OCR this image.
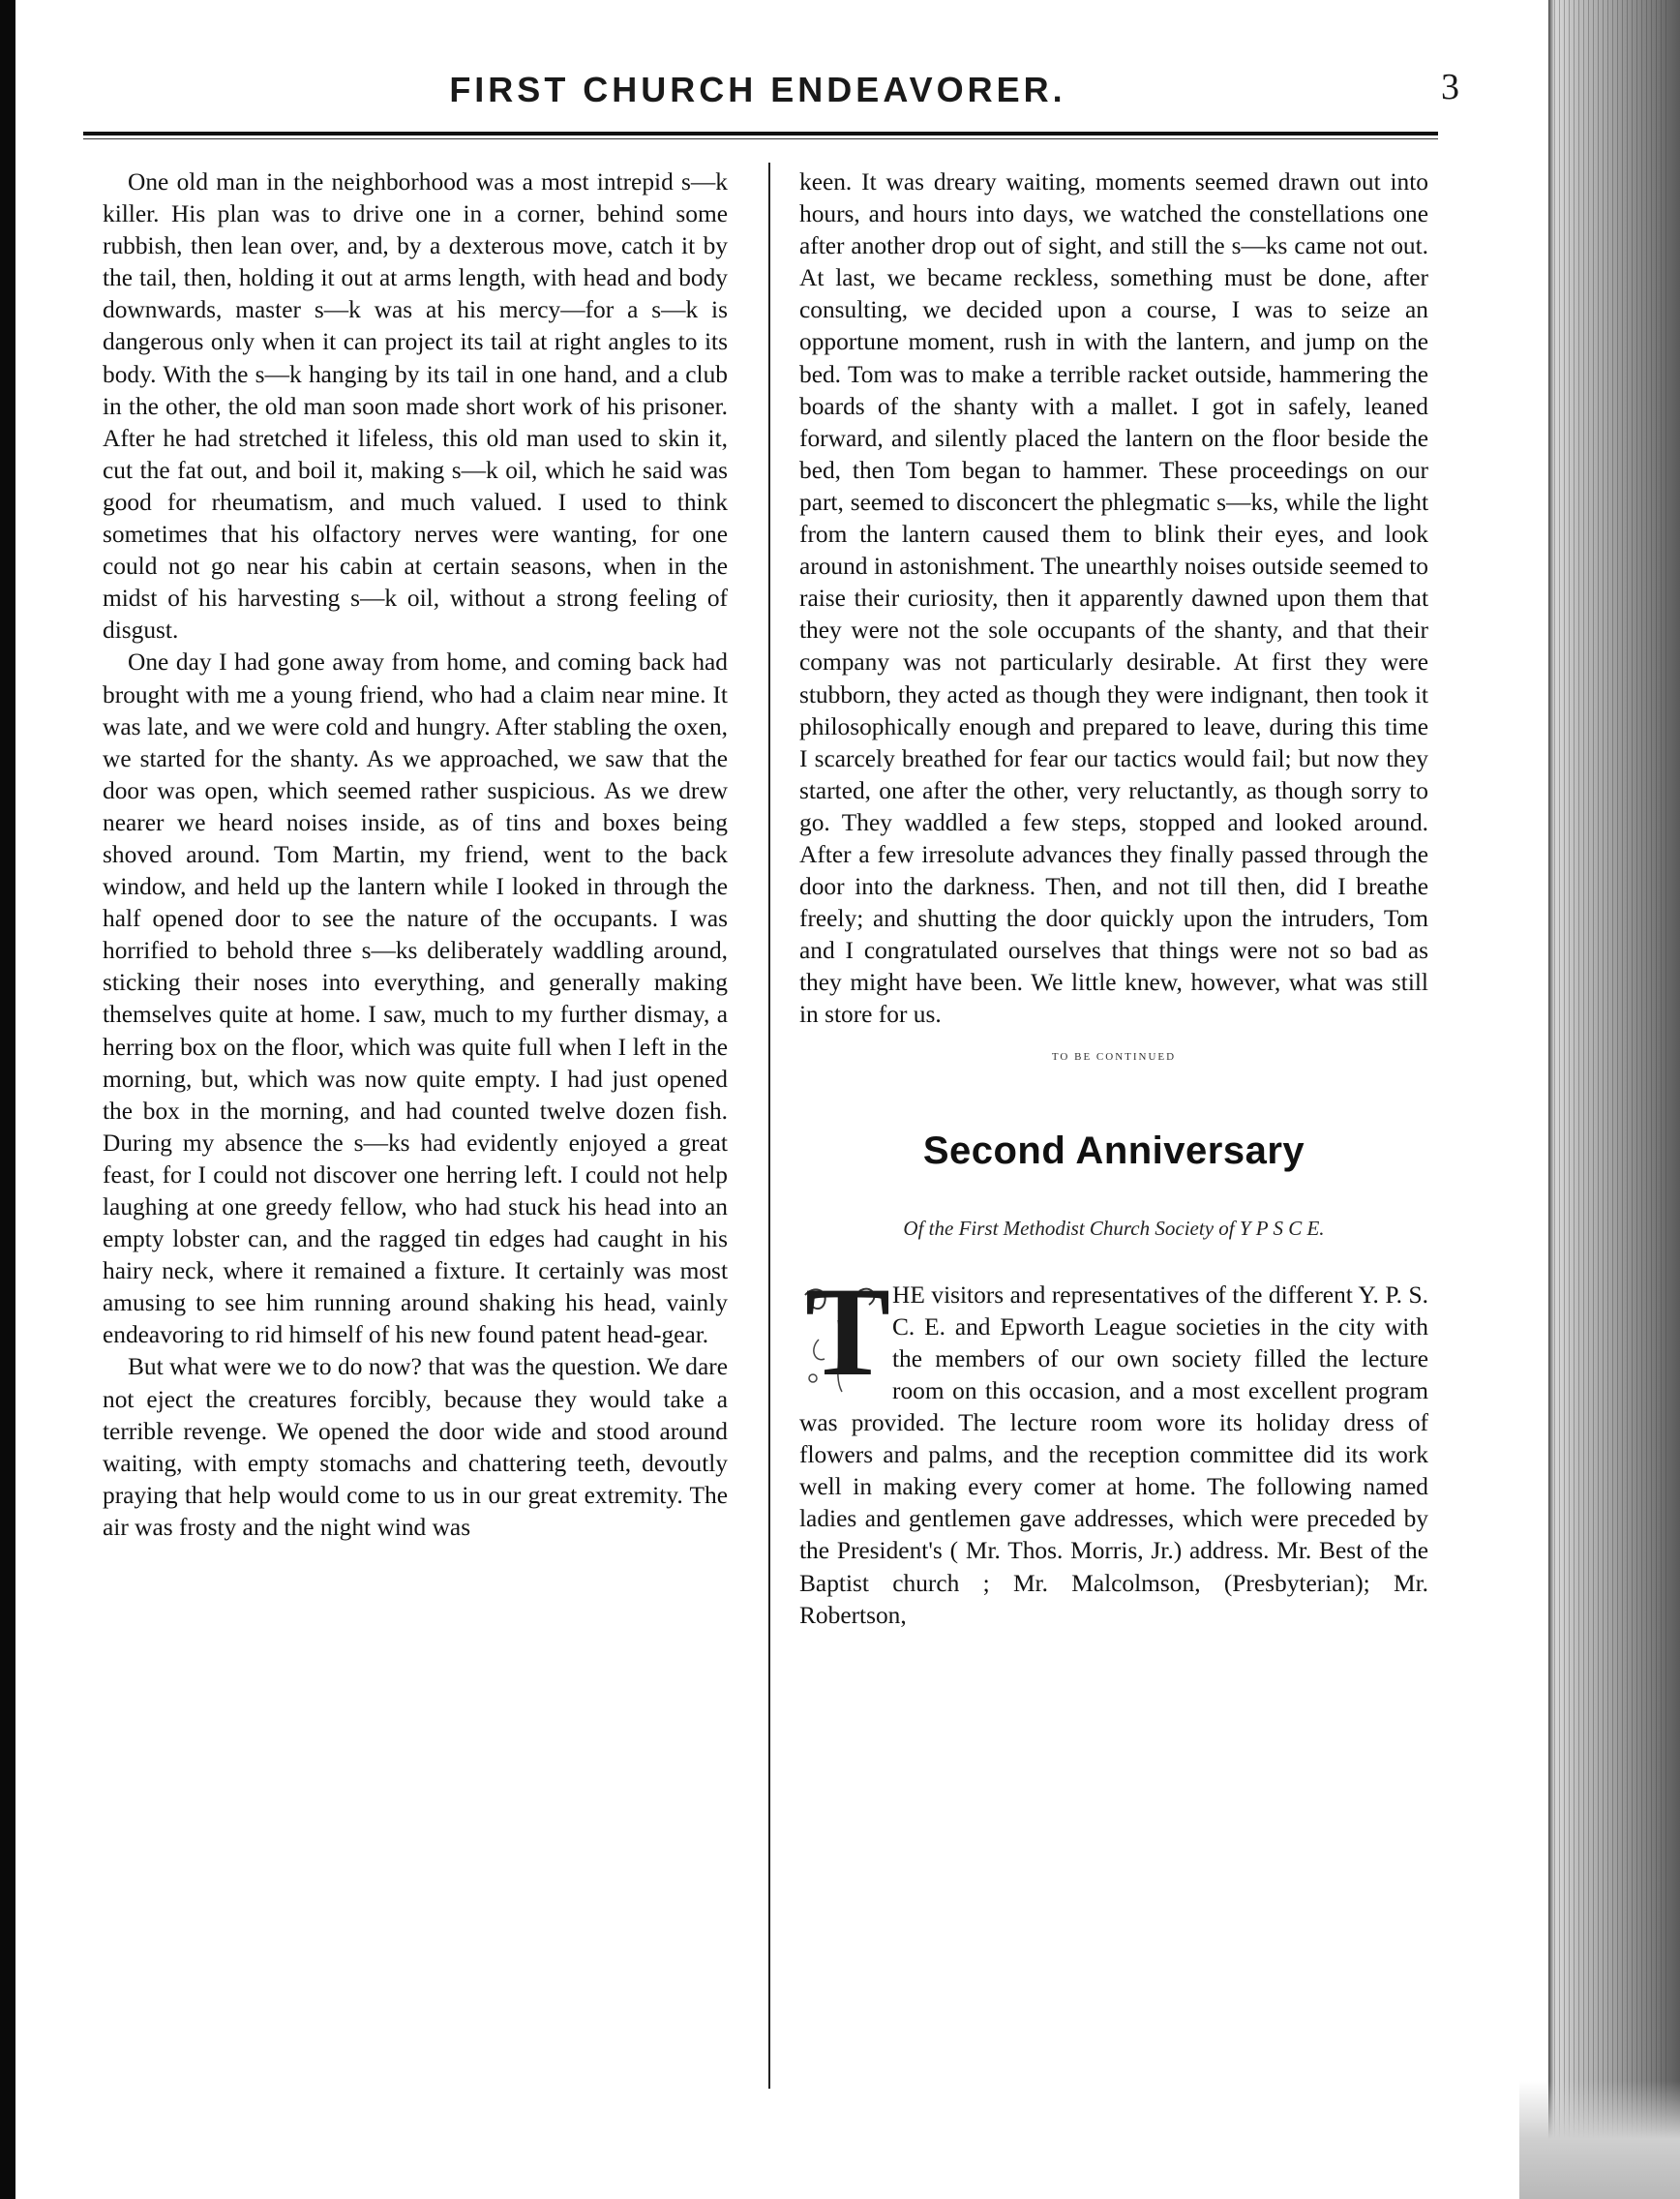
FIRST CHURCH ENDEAVORER.	3

One old man in the neighborhood was a most intrepid s—k killer. His plan was to drive one in a corner, behind some rubbish, then lean over, and, by a dexterous move, catch it by the tail, then, holding it out at arms length, with head and body downwards, master s—k was at his mercy—for a s—k is dangerous only when it can project its tail at right angles to its body. With the s—k hanging by its tail in one hand, and a club in the other, the old man soon made short work of his prisoner. After he had stretched it lifeless, this old man used to skin it, cut the fat out, and boil it, making s—k oil, which he said was good for rheumatism, and much valued. I used to think sometimes that his olfactory nerves were wanting, for one could not go near his cabin at certain seasons, when in the midst of his harvesting s—k oil, without a strong feeling of disgust.

One day I had gone away from home, and coming back had brought with me a young friend, who had a claim near mine. It was late, and we were cold and hungry. After stabling the oxen, we started for the shanty. As we approached, we saw that the door was open, which seemed rather suspicious. As we drew nearer we heard noises inside, as of tins and boxes being shoved around. Tom Martin, my friend, went to the back window, and held up the lantern while I looked in through the half opened door to see the nature of the occupants. I was horrified to behold three s—ks deliberately waddling around, sticking their noses into everything, and generally making themselves quite at home. I saw, much to my further dismay, a herring box on the floor, which was quite full when I left in the morning, but, which was now quite empty. I had just opened the box in the morning, and had counted twelve dozen fish. During my absence the s—ks had evidently enjoyed a great feast, for I could not discover one herring left. I could not help laughing at one greedy fellow, who had stuck his head into an empty lobster can, and the ragged tin edges had caught in his hairy neck, where it remained a fixture. It certainly was most amusing to see him running around shaking his head, vainly endeavoring to rid himself of his new found patent head-gear.

But what were we to do now? that was the question. We dare not eject the creatures forcibly, because they would take a terrible revenge. We opened the door wide and stood around waiting, with empty stomachs and chattering teeth, devoutly praying that help would come to us in our great extremity. The air was frosty and the night wind was

keen. It was dreary waiting, moments seemed drawn out into hours, and hours into days, we watched the constellations one after another drop out of sight, and still the s—ks came not out. At last, we became reckless, something must be done, after consulting, we decided upon a course, I was to seize an opportune moment, rush in with the lantern, and jump on the bed. Tom was to make a terrible racket outside, hammering the boards of the shanty with a mallet. I got in safely, leaned forward, and silently placed the lantern on the floor beside the bed, then Tom began to hammer. These proceedings on our part, seemed to disconcert the phlegmatic s—ks, while the light from the lantern caused them to blink their eyes, and look around in astonishment. The unearthly noises outside seemed to raise their curiosity, then it apparently dawned upon them that they were not the sole occupants of the shanty, and that their company was not particularly desirable. At first they were stubborn, they acted as though they were indignant, then took it philosophically enough and prepared to leave, during this time I scarcely breathed for fear our tactics would fail; but now they started, one after the other, very reluctantly, as though sorry to go. They waddled a few steps, stopped and looked around. After a few irresolute advances they finally passed through the door into the darkness. Then, and not till then, did I breathe freely; and shutting the door quickly upon the intruders, Tom and I congratulated ourselves that things were not so bad as they might have been. We little knew, however, what was still in store for us.

TO BE CONTINUED
Second Anniversary
Of the First Methodist Church Society of Y P S C E.
T HE visitors and representatives of the different Y. P. S. C. E. and Epworth League societies in the city with the members of our own society filled the lecture room on this occasion, and a most excellent program was provided. The lecture room wore its holiday dress of flowers and palms, and the reception committee did its work well in making every comer at home. The following named ladies and gentlemen gave addresses, which were preceded by the President's ( Mr. Thos. Morris, Jr.) address. Mr. Best of the Baptist church ; Mr. Malcolmson, (Presbyterian); Mr. Robertson,
